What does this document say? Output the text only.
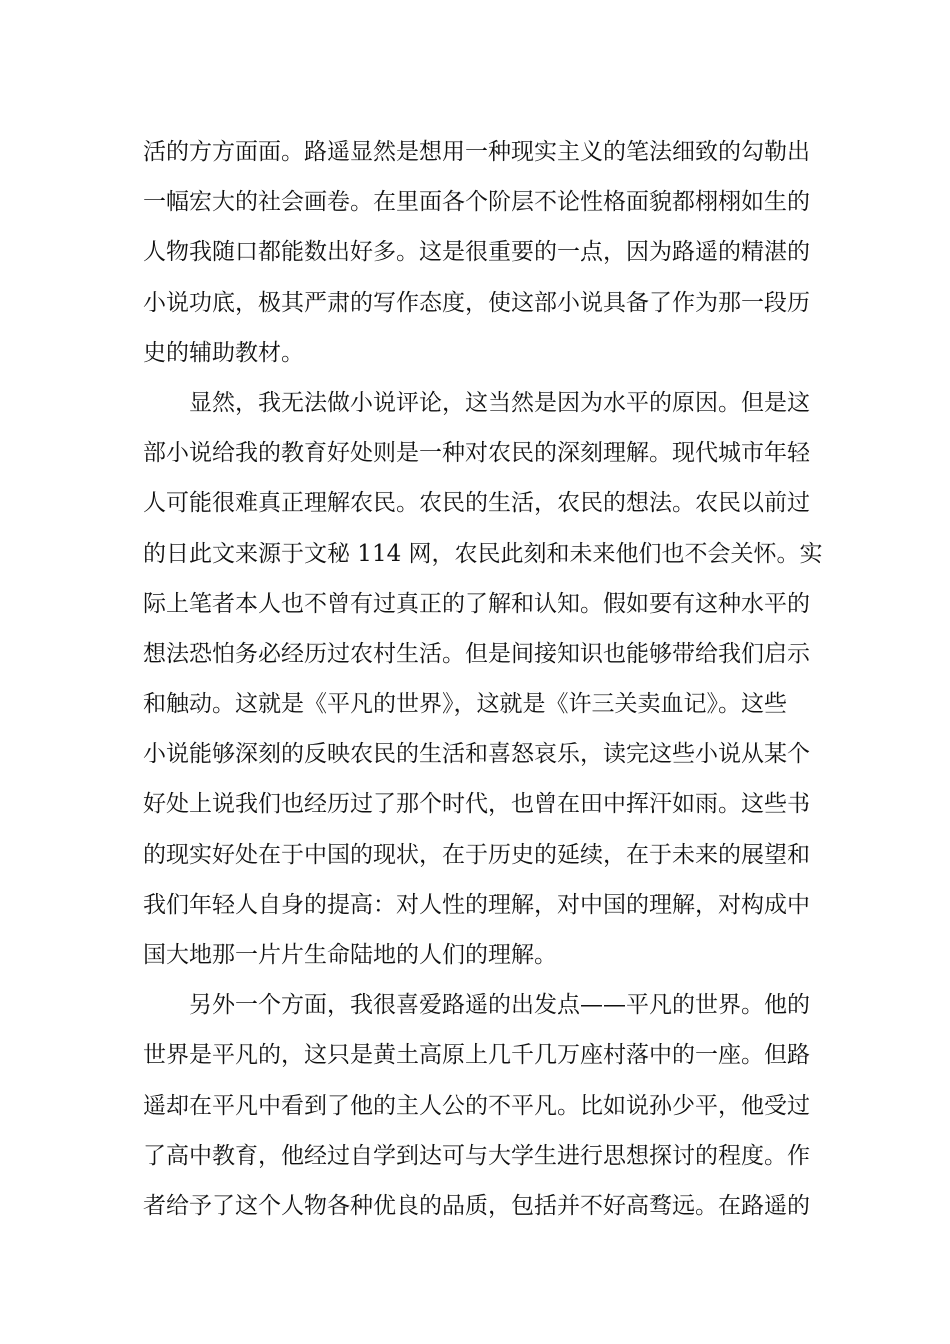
活的方方面面。路遥显然是想用一种现实主义的笔法细致的勾勒出
一幅宏大的社会画卷。在里面各个阶层不论性格面貌都栩栩如生的
人物我随口都能数出好多。这是很重要的一点，因为路遥的精湛的
小说功底，极其严肃的写作态度，使这部小说具备了作为那一段历
史的辅助教材。
显然，我无法做小说评论，这当然是因为水平的原因。但是这
部小说给我的教育好处则是一种对农民的深刻理解。现代城市年轻
人可能很难真正理解农民。农民的生活，农民的想法。农民以前过
的日此文来源于文秘 114 网，农民此刻和未来他们也不会关怀。实
际上笔者本人也不曾有过真正的了解和认知。假如要有这种水平的
想法恐怕务必经历过农村生活。但是间接知识也能够带给我们启示
和触动。这就是《平凡的世界》，这就是《许三关卖血记》。这些
小说能够深刻的反映农民的生活和喜怒哀乐，读完这些小说从某个
好处上说我们也经历过了那个时代，也曾在田中挥汗如雨。这些书
的现实好处在于中国的现状，在于历史的延续，在于未来的展望和
我们年轻人自身的提高：对人性的理解，对中国的理解，对构成中
国大地那一片片生命陆地的人们的理解。
另外一个方面，我很喜爱路遥的出发点——平凡的世界。他的
世界是平凡的，这只是黄土高原上几千几万座村落中的一座。但路
遥却在平凡中看到了他的主人公的不平凡。比如说孙少平，他受过
了高中教育，他经过自学到达可与大学生进行思想探讨的程度。作
者给予了这个人物各种优良的品质，包括并不好高骛远。在路遥的
